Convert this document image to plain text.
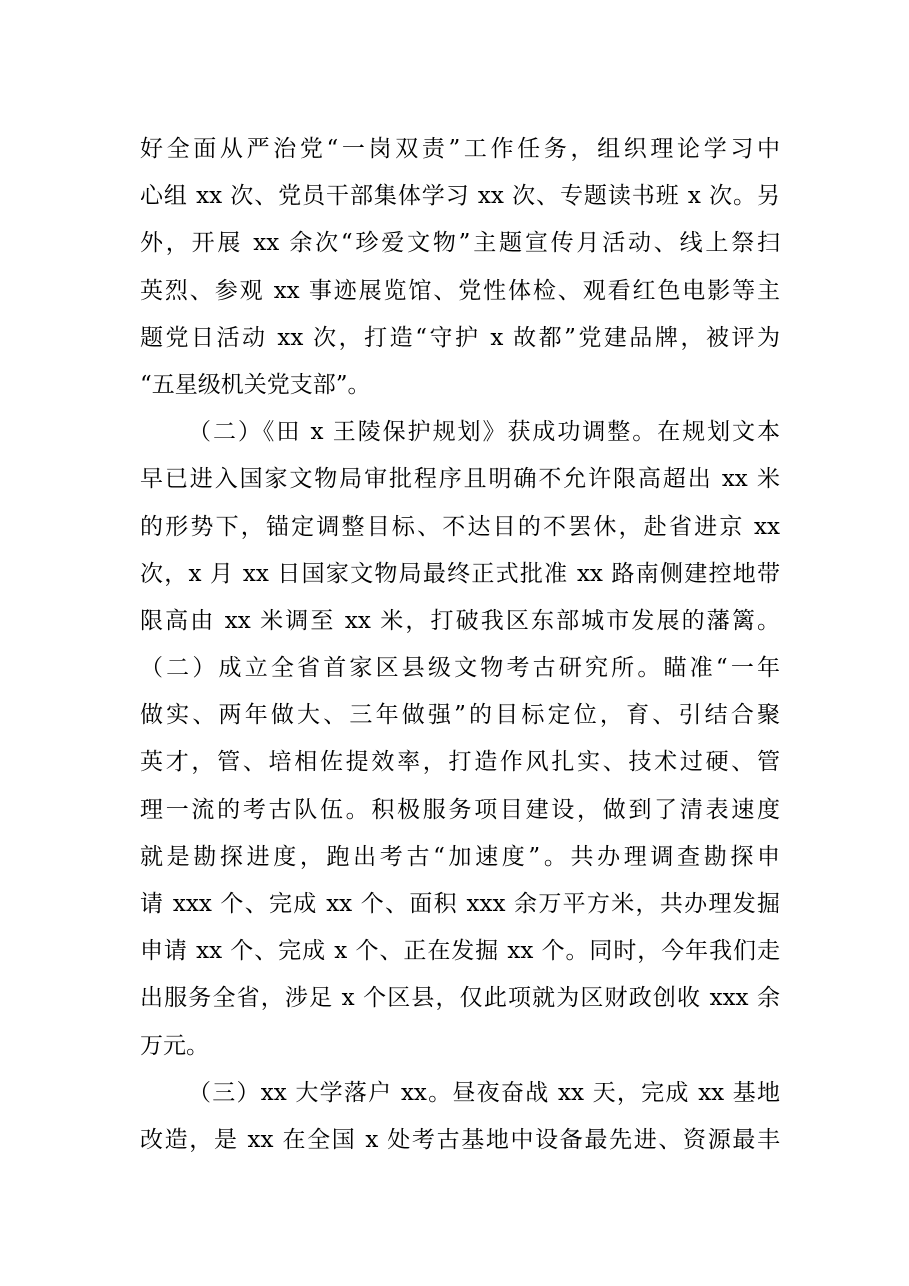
好全面从严治党“一岗双责”工作任务，组织理论学习中
心组 xx 次、党员干部集体学习 xx 次、专题读书班 x 次。另
外，开展 xx 余次“珍爱文物”主题宣传月活动、线上祭扫
英烈、参观 xx 事迹展览馆、党性体检、观看红色电影等主
题党日活动 xx 次，打造“守护 x 故都”党建品牌，被评为
“五星级机关党支部”。
（二）《田 x 王陵保护规划》获成功调整。在规划文本
早已进入国家文物局审批程序且明确不允许限高超出 xx 米
的形势下，锚定调整目标、不达目的不罢休，赴省进京 xx
次，x 月 xx 日国家文物局最终正式批准 xx 路南侧建控地带
限高由 xx 米调至 xx 米，打破我区东部城市发展的藩篱。
（二）成立全省首家区县级文物考古研究所。瞄准“一年
做实、两年做大、三年做强”的目标定位，育、引结合聚
英才，管、培相佐提效率，打造作风扎实、技术过硬、管
理一流的考古队伍。积极服务项目建设，做到了清表速度
就是勘探进度，跑出考古“加速度”。共办理调查勘探申
请 xxx 个、完成 xx 个、面积 xxx 余万平方米，共办理发掘
申请 xx 个、完成 x 个、正在发掘 xx 个。同时，今年我们走
出服务全省，涉足 x 个区县，仅此项就为区财政创收 xxx 余
万元。
（三）xx 大学落户 xx。昼夜奋战 xx 天，完成 xx 基地
改造，是 xx 在全国 x 处考古基地中设备最先进、资源最丰
